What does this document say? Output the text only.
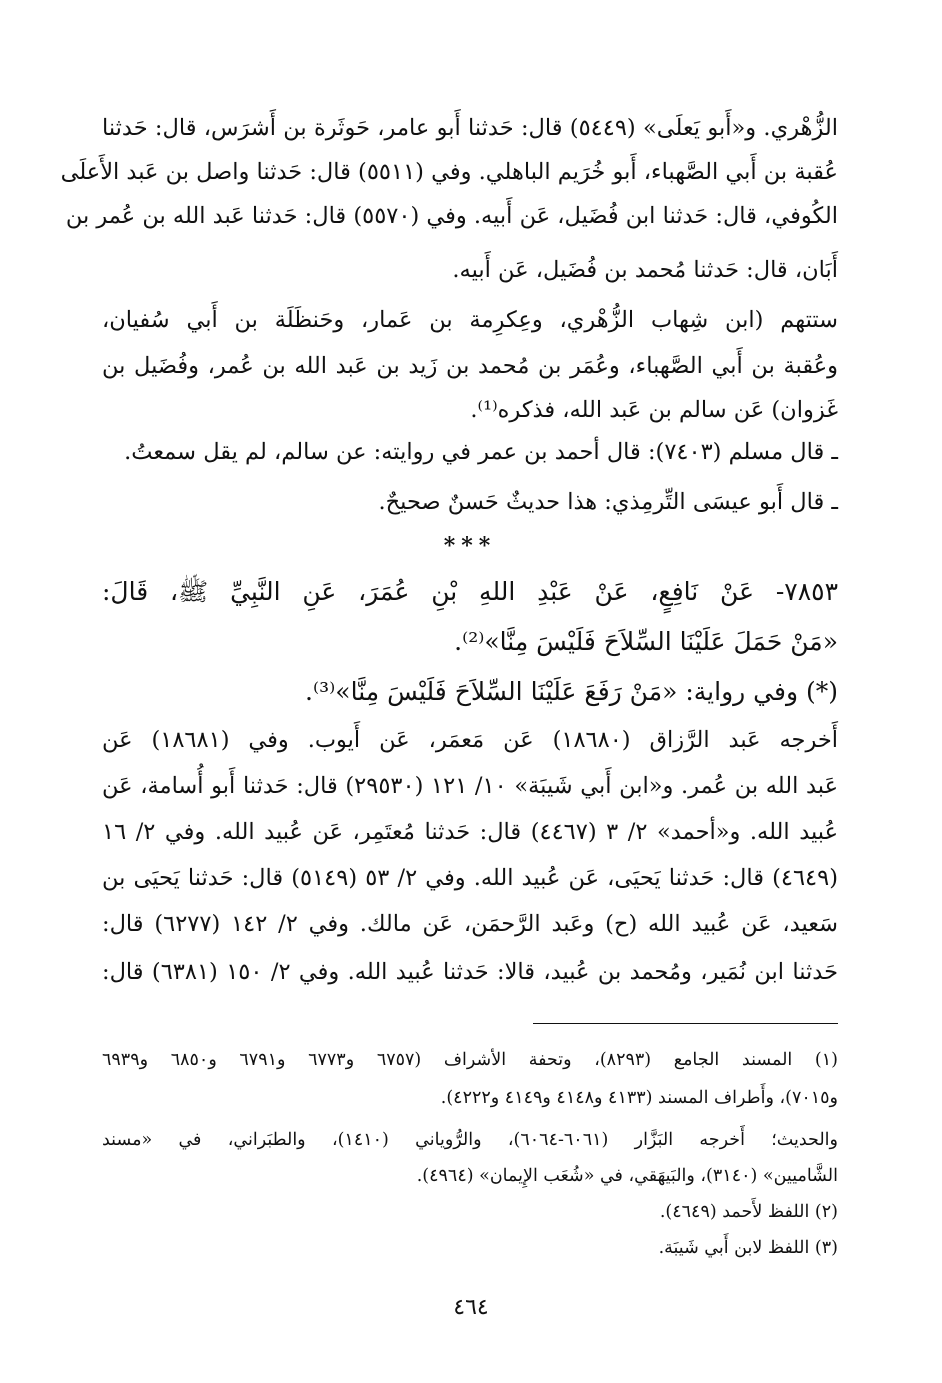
الزُّهْري. و«أَبو يَعلَى» (٥٤٤٩) قال: حَدثنا أَبو عامر، حَوثَرة بن أَشرَس، قال: حَدثنا
عُقبة بن أَبي الصَّهباء، أَبو خُرَيم الباهلي. وفي (٥٥١١) قال: حَدثنا واصل بن عَبد الأَعلَى
الكُوفي، قال: حَدثنا ابن فُضَيل، عَن أَبيه. وفي (٥٥٧٠) قال: حَدثنا عَبد الله بن عُمر بن
أَبَان، قال: حَدثنا مُحمد بن فُضَيل، عَن أَبيه.
ستتهم (ابن شِهاب الزُّهْري، وعِكرِمة بن عَمار، وحَنظَلَة بن أَبي سُفيان،
وعُقبة بن أَبي الصَّهباء، وعُمَر بن مُحمد بن زَيد بن عَبد الله بن عُمر، وفُضَيل بن
غَزوان) عَن سالم بن عَبد الله، فذكره⁽¹⁾.
ـ قال مسلم (٧٤٠٣): قال أحمد بن عمر في روايته: عن سالم، لم يقل سمعتُ.
ـ قال أَبو عيسَى التِّرمِذي: هذا حديثٌ حَسنٌ صحيحٌ.
***
٧٨٥٣- عَنْ نَافِعٍ، عَنْ عَبْدِ اللهِ بْنِ عُمَرَ، عَنِ النَّبِيِّ ﷺ، قَالَ:
«مَنْ حَمَلَ عَلَيْنَا السِّلاَحَ فَلَيْسَ مِنَّا»⁽²⁾.
(*) وفي رواية: «مَنْ رَفَعَ عَلَيْنَا السِّلاَحَ فَلَيْسَ مِنَّا»⁽³⁾.
أَخرجه عَبد الرَّزاق (١٨٦٨٠) عَن مَعمَر، عَن أَيوب. وفي (١٨٦٨١) عَن
عَبد الله بن عُمر. و«ابن أَبي شَيبَة» ١٠/ ١٢١ (٢٩٥٣٠) قال: حَدثنا أَبو أُسامة، عَن
عُبيد الله. و«أحمد» ٢/ ٣ (٤٤٦٧) قال: حَدثنا مُعتَمِر، عَن عُبيد الله. وفي ٢/ ١٦
(٤٦٤٩) قال: حَدثنا يَحيَى، عَن عُبيد الله. وفي ٢/ ٥٣ (٥١٤٩) قال: حَدثنا يَحيَى بن
سَعيد، عَن عُبيد الله (ح) وعَبد الرَّحمَن، عَن مالك. وفي ٢/ ١٤٢ (٦٢٧٧) قال:
حَدثنا ابن نُمَير، ومُحمد بن عُبيد، قالا: حَدثنا عُبيد الله. وفي ٢/ ١٥٠ (٦٣٨١) قال:
(١) المسند الجامع (٨٢٩٣)، وتحفة الأشراف (٦٧٥٧ و٦٧٧٣ و٦٧٩١ و٦٨٥٠ و٦٩٣٩
و٧٠١٥)، وأَطراف المسند (٤١٣٣ و٤١٤٨ و٤١٤٩ و٤٢٢٢).
والحديث؛ أَخرجه البَزَّار (٦٠٦١-٦٠٦٤)، والرُّوياني (١٤١٠)، والطبَراني، في «مسند
الشَّاميين» (٣١٤٠)، والبَيهَقي، في «شُعَب الإِيمان» (٤٩٦٤).
(٢) اللفظ لأَحمد (٤٦٤٩).
(٣) اللفظ لابن أَبي شَيبَة.
٤٦٤
